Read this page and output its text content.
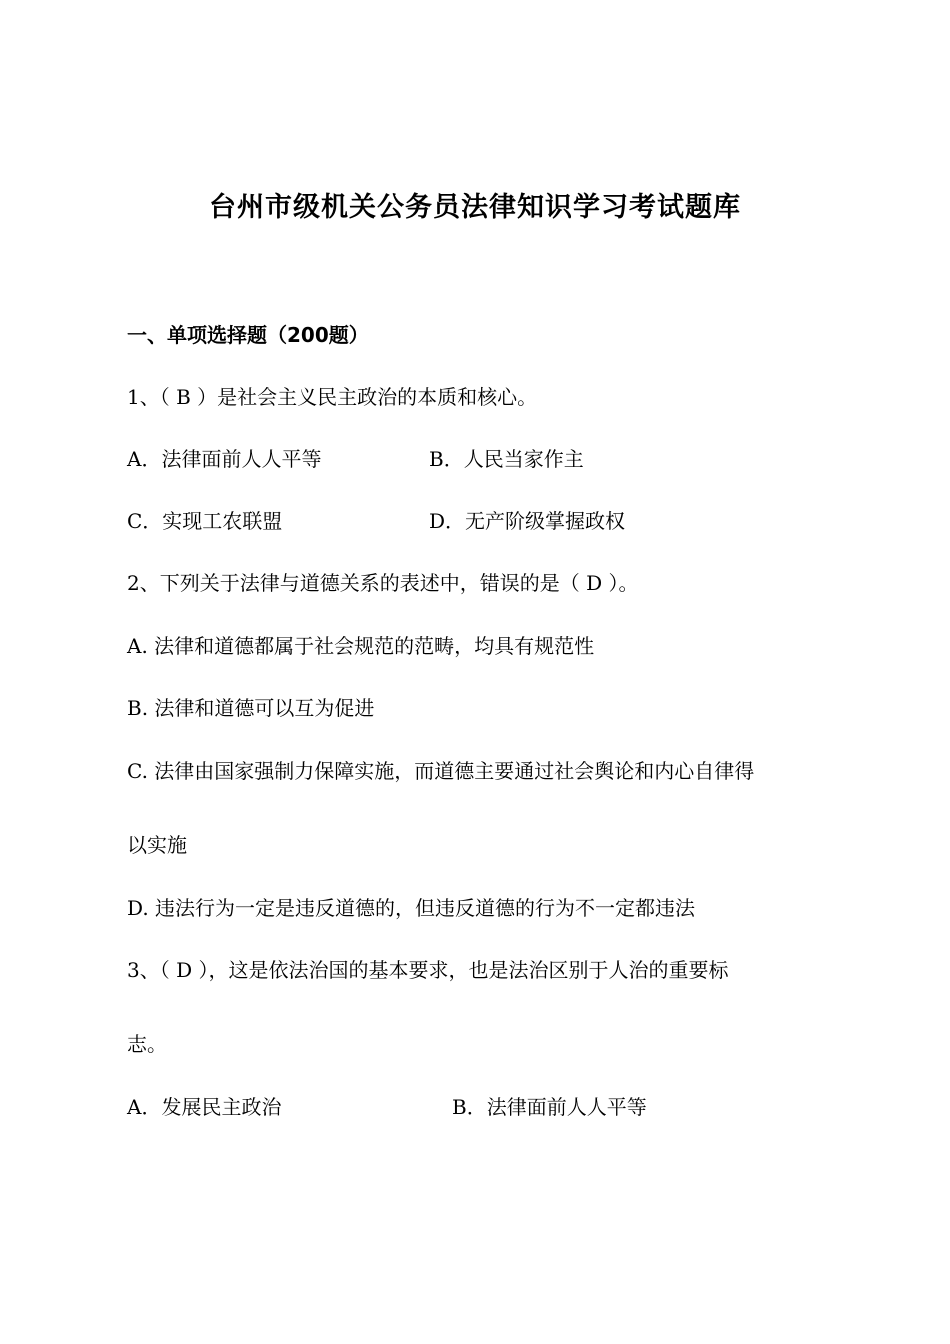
台州市级机关公务员法律知识学习考试题库
一、单项选择题（200题）
1、（ B ）是社会主义民主政治的本质和核心。
A．法律面前人人平等	B．人民当家作主
C．实现工农联盟	D．无产阶级掌握政权
2、下列关于法律与道德关系的表述中，错误的是（ D ）。
A. 法律和道德都属于社会规范的范畴，均具有规范性
B. 法律和道德可以互为促进
C. 法律由国家强制力保障实施，而道德主要通过社会舆论和内心自律得
以实施
D. 违法行为一定是违反道德的，但违反道德的行为不一定都违法
3、（ D ），这是依法治国的基本要求，也是法治区别于人治的重要标
志。
A．发展民主政治	B．法律面前人人平等
